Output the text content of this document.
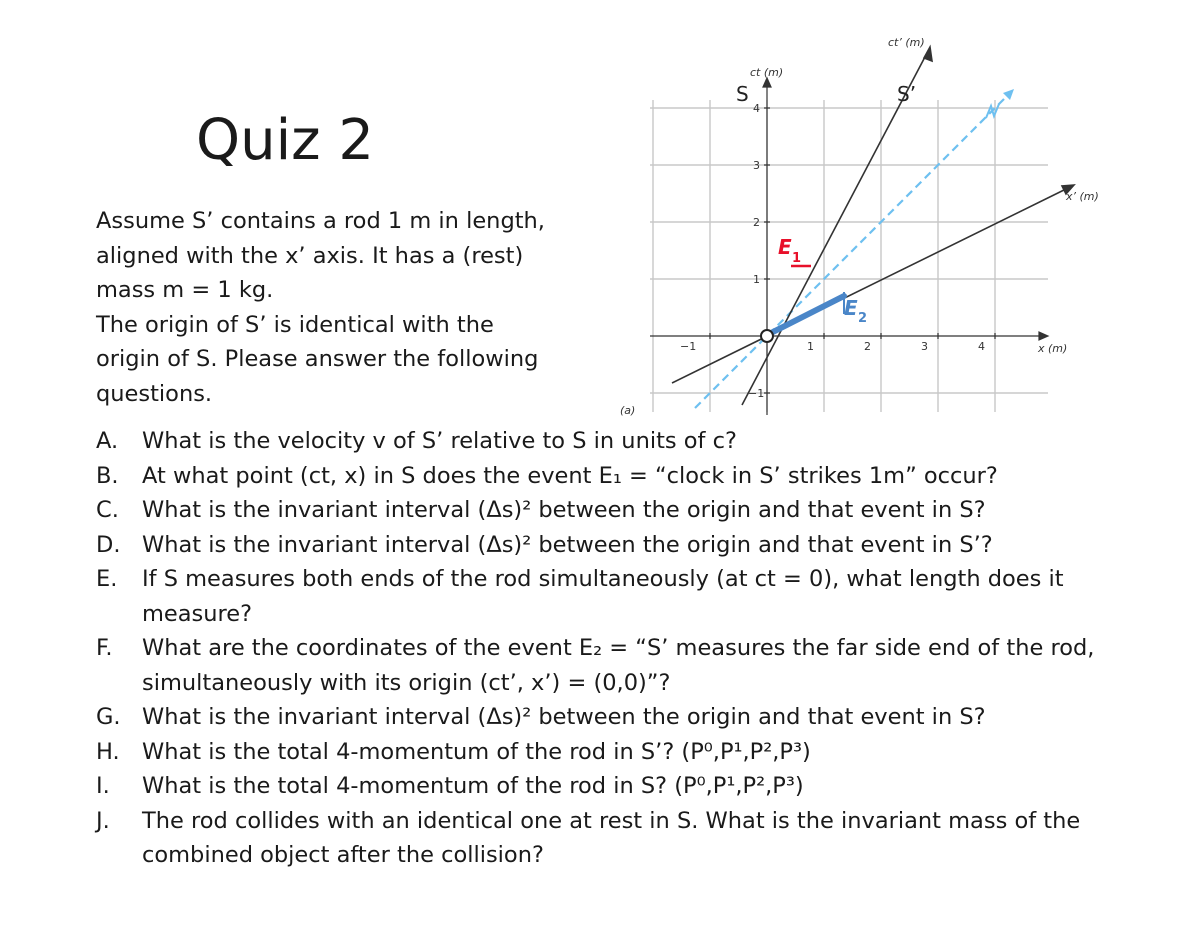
Quiz 2
Assume S’ contains a rod 1 m in length,
aligned with the x’ axis. It has a (rest)
mass m = 1 kg.
The origin of S’ is identical with the
origin of S. Please answer the following
questions.
ct (m)
ct’ (m)
x (m)
x’ (m)
S	S’
(a)
−1	1	2	3	4
4
3
2
1
−1
E 1
E 2
A. What is the velocity v of S’ relative to S in units of c?
B. At what point (ct, x) in S does the event E₁ = “clock in S’ strikes 1m” occur?
C. What is the invariant interval (Δs)² between the origin and that event in S?
D. What is the invariant interval (Δs)² between the origin and that event in S’?
E. If S measures both ends of the rod simultaneously (at ct = 0), what length does it measure?
F. What are the coordinates of the event E₂ = “S’ measures the far side end of the rod, simultaneously with its origin (ct’, x’) = (0,0)”?
G. What is the invariant interval (Δs)² between the origin and that event in S?
H. What is the total 4-momentum of the rod in S’? (P⁰,P¹,P²,P³)
I. What is the total 4-momentum of the rod in S? (P⁰,P¹,P²,P³)
J. The rod collides with an identical one at rest in S. What is the invariant mass of the combined object after the collision?
